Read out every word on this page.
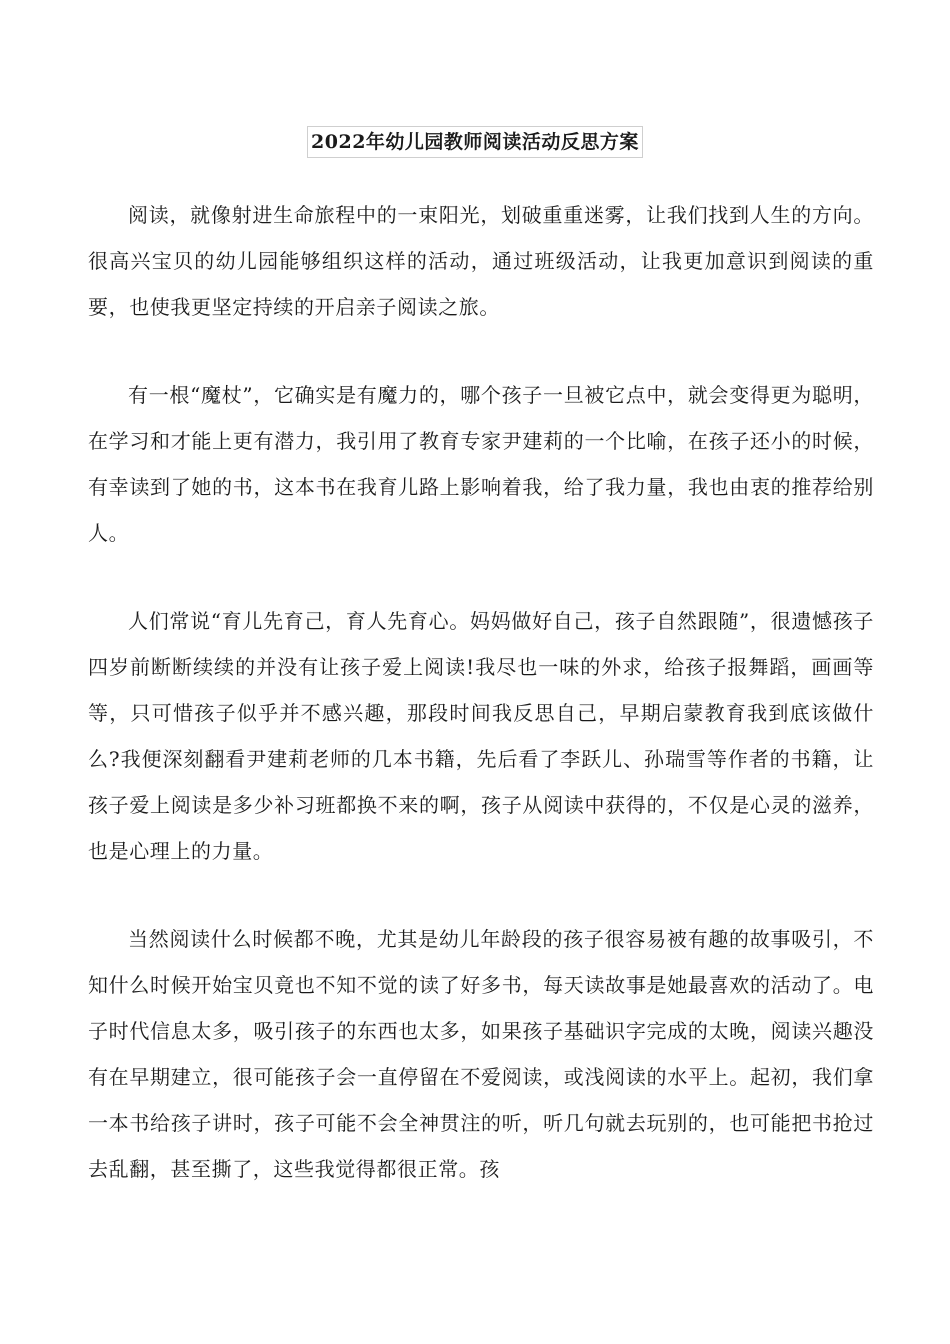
2022年幼儿园教师阅读活动反思方案

阅读，就像射进生命旅程中的一束阳光，划破重重迷雾，让我们找到人生的方向。 很高兴宝贝的幼儿园能够组织这样的活动，通过班级活动，让我更加意识到阅读的重要，也使我更坚定持续的开启亲子阅读之旅。

有一根“魔杖”，它确实是有魔力的，哪个孩子一旦被它点中，就会变得更为聪明，在学习和才能上更有潜力，我引用了教育专家尹建莉的一个比喻，在孩子还小的时候，有幸读到了她的书，这本书在我育儿路上影响着我，给了我力量，我也由衷的推荐给别人。

人们常说“育儿先育己，育人先育心。妈妈做好自己，孩子自然跟随”，很遗憾孩子四岁前断断续续的并没有让孩子爱上阅读!我尽也一味的外求，给孩子报舞蹈，画画等等，只可惜孩子似乎并不感兴趣，那段时间我反思自己，早期启蒙教育我到底该做什么?我便深刻翻看尹建莉老师的几本书籍，先后看了李跃儿、孙瑞雪等作者的书籍，让孩子爱上阅读是多少补习班都换不来的啊，孩子从阅读中获得的，不仅是心灵的滋养，也是心理上的力量。

当然阅读什么时候都不晚，尤其是幼儿年龄段的孩子很容易被有趣的故事吸引，不知什么时候开始宝贝竟也不知不觉的读了好多书，每天读故事是她最喜欢的活动了。电子时代信息太多，吸引孩子的东西也太多，如果孩子基础识字完成的太晚，阅读兴趣没有在早期建立，很可能孩子会一直停留在不爱阅读，或浅阅读的水平上。起初，我们拿一本书给孩子讲时，孩子可能不会全神贯注的听，听几句就去玩别的，也可能把书抢过去乱翻，甚至撕了，这些我觉得都很正常。孩
